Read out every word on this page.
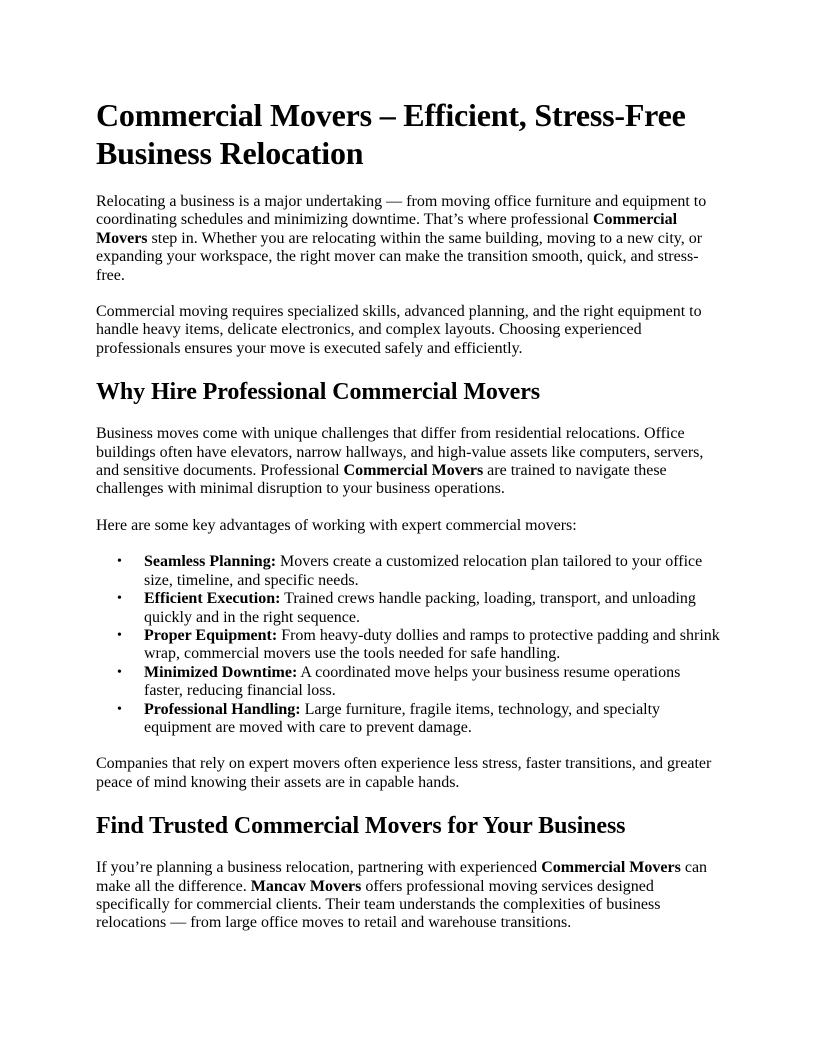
Commercial Movers – Efficient, Stress-Free Business Relocation

Relocating a business is a major undertaking — from moving office furniture and equipment to coordinating schedules and minimizing downtime. That’s where professional Commercial Movers step in. Whether you are relocating within the same building, moving to a new city, or expanding your workspace, the right mover can make the transition smooth, quick, and stress-free.

Commercial moving requires specialized skills, advanced planning, and the right equipment to handle heavy items, delicate electronics, and complex layouts. Choosing experienced professionals ensures your move is executed safely and efficiently.

Why Hire Professional Commercial Movers

Business moves come with unique challenges that differ from residential relocations. Office buildings often have elevators, narrow hallways, and high-value assets like computers, servers, and sensitive documents. Professional Commercial Movers are trained to navigate these challenges with minimal disruption to your business operations.

Here are some key advantages of working with expert commercial movers:

• Seamless Planning: Movers create a customized relocation plan tailored to your office size, timeline, and specific needs.
• Efficient Execution: Trained crews handle packing, loading, transport, and unloading quickly and in the right sequence.
• Proper Equipment: From heavy-duty dollies and ramps to protective padding and shrink wrap, commercial movers use the tools needed for safe handling.
• Minimized Downtime: A coordinated move helps your business resume operations faster, reducing financial loss.
• Professional Handling: Large furniture, fragile items, technology, and specialty equipment are moved with care to prevent damage.

Companies that rely on expert movers often experience less stress, faster transitions, and greater peace of mind knowing their assets are in capable hands.

Find Trusted Commercial Movers for Your Business

If you’re planning a business relocation, partnering with experienced Commercial Movers can make all the difference. Mancav Movers offers professional moving services designed specifically for commercial clients. Their team understands the complexities of business relocations — from large office moves to retail and warehouse transitions.
